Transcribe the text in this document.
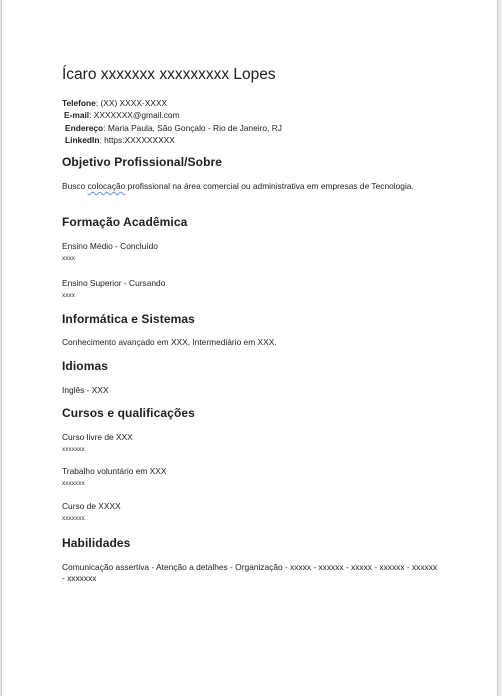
Ícaro xxxxxxx xxxxxxxxx Lopes
Telefone: (XX) XXXX-XXXX
E-mail: XXXXXXX@gmail.com
Endereço: Maria Paula, São Gonçalo - Rio de Janeiro, RJ
LinkedIn: https:XXXXXXXXX
Objetivo Profissional/Sobre
Busco colocação profissional na área comercial ou administrativa em empresas de Tecnologia.
Formação Acadêmica
Ensino Médio - Concluído
xxxx
Ensino Superior - Cursando
xxxx
Informática e Sistemas
Conhecimento avançado em XXX, Intermediário em XXX.
Idiomas
Inglês - XXX
Cursos e qualificações
Curso livre de XXX
xxxxxxx
Trabalho voluntário em XXX
xxxxxxx
Curso de XXXX
xxxxxxx
Habilidades
Comunicação assertiva - Atenção a detalhes - Organização - xxxxx - xxxxxx - xxxxx - xxxxxx - xxxxxx - xxxxxxx
